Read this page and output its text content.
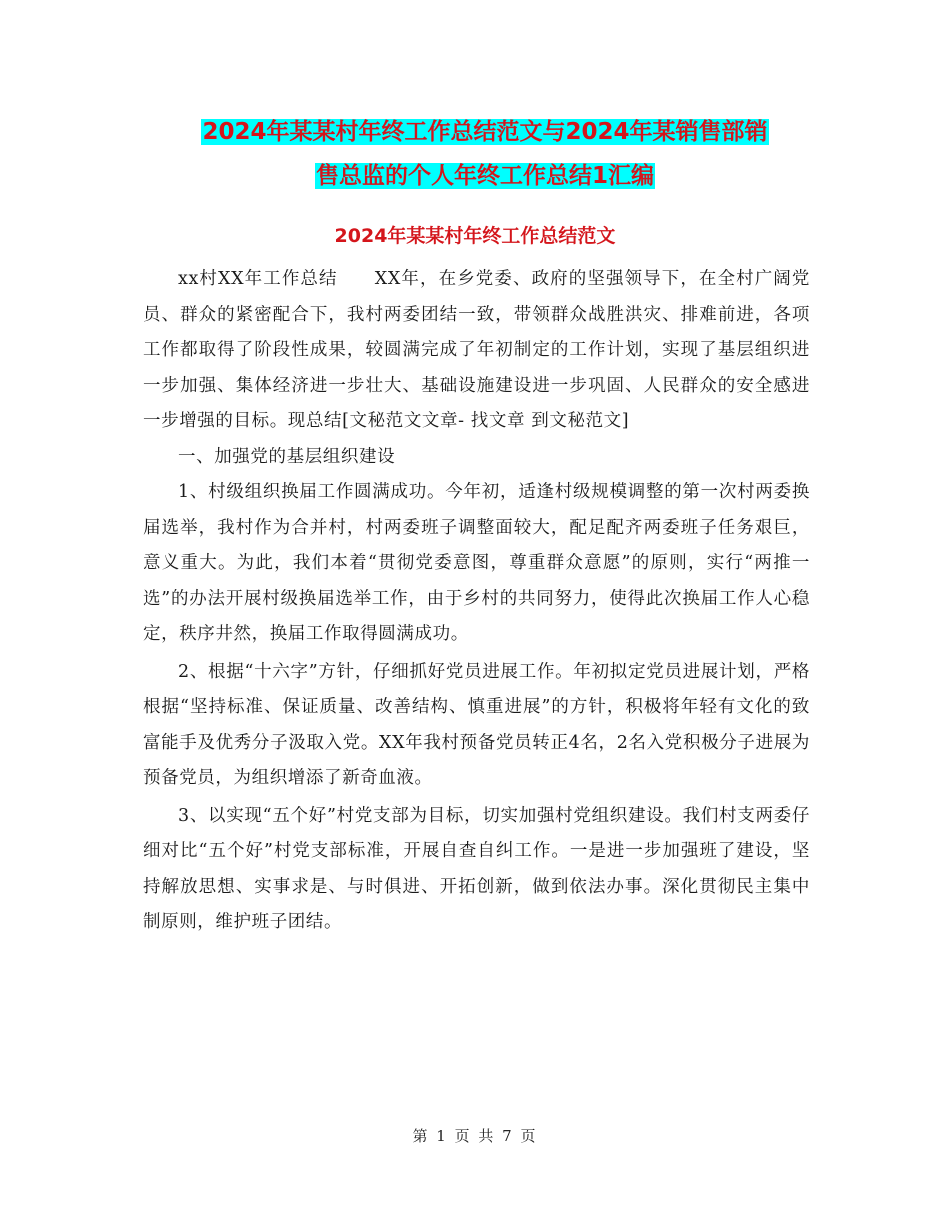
2024年某某村年终工作总结范文与2024年某销售部销
售总监的个人年终工作总结1汇编
2024年某某村年终工作总结范文

xx村XX年工作总结　　XX年，在乡党委、政府的坚强领导下，在全村广阔党员、群众的紧密配合下，我村两委团结一致，带领群众战胜洪灾、排难前进，各项工作都取得了阶段性成果，较圆满完成了年初制定的工作计划，实现了基层组织进一步加强、集体经济进一步壮大、基础设施建设进一步巩固、人民群众的安全感进一步增强的目标。现总结[文秘范文文章- 找文章 到文秘范文]

一、加强党的基层组织建设

1、村级组织换届工作圆满成功。今年初，适逢村级规模调整的第一次村两委换届选举，我村作为合并村，村两委班子调整面较大，配足配齐两委班子任务艰巨，意义重大。为此，我们本着“贯彻党委意图，尊重群众意愿”的原则，实行“两推一选”的办法开展村级换届选举工作，由于乡村的共同努力，使得此次换届工作人心稳定，秩序井然，换届工作取得圆满成功。

2、根据“十六字”方针，仔细抓好党员进展工作。年初拟定党员进展计划，严格根据“坚持标准、保证质量、改善结构、慎重进展”的方针，积极将年轻有文化的致富能手及优秀分子汲取入党。XX年我村预备党员转正4名，2名入党积极分子进展为预备党员，为组织增添了新奇血液。

3、以实现“五个好”村党支部为目标，切实加强村党组织建设。我们村支两委仔细对比“五个好”村党支部标准，开展自查自纠工作。一是进一步加强班了建设，坚持解放思想、实事求是、与时俱进、开拓创新，做到依法办事。深化贯彻民主集中制原则，维护班子团结。

第 1 页 共 7 页
